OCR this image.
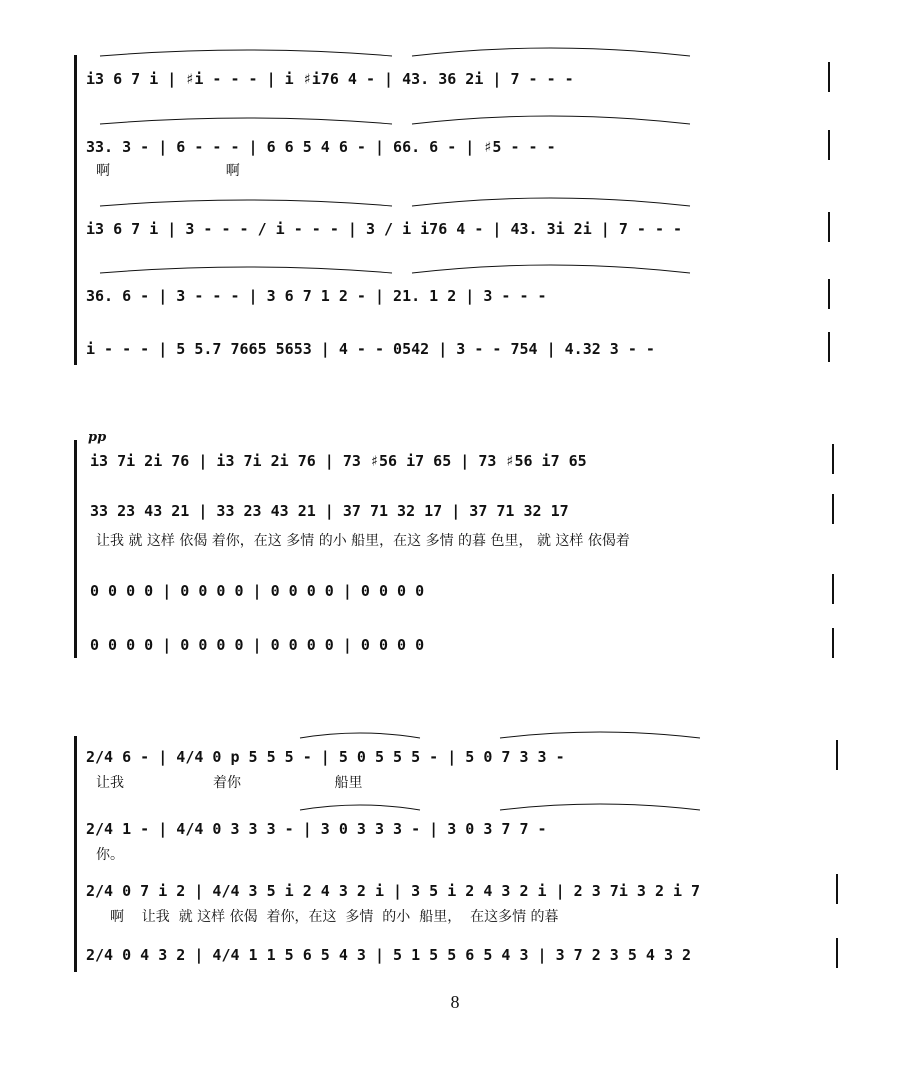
i3 6 7 i | ♯i - - - | i ♯i76 4 - | 43. 36 2i | 7 - - -
33. 3 - | 6 - - - | 6 6 5 4 6 - | 66. 6 - | ♯5 - - -
啊                          啊
i3 6 7 i | 3 - - - / i - - - | 3 / i i76 4 - | 43. 3i 2i | 7 - - -
36. 6 - | 3 - - - | 3 6 7 1 2 - | 21. 1 2 | 3 - - -
i - - - | 5 5.7 7665 5653 | 4 - - 0542 | 3 - - 754 | 4.32 3 - -
pp
i3 7i 2i 76 | i3 7i 2i 76 | 73 ♯56 i7 65 | 73 ♯56 i7 65
33 23 43 21 | 33 23 43 21 | 37 71 32 17 | 37 71 32 17
让我 就 这样 依偈 着你，在这 多情 的小 船里，在这 多情 的暮 色里， 就 这样 依偈着
0 0 0 0 | 0 0 0 0 | 0 0 0 0 | 0 0 0 0
0 0 0 0 | 0 0 0 0 | 0 0 0 0 | 0 0 0 0
2/4 6 - | 4/4 0 p 5 5 5 - | 5 0 5 5 5 - | 5 0 7 3 3 -
让我                    着你                     船里
2/4 1 - | 4/4 0 3 3 3 - | 3 0 3 3 3 - | 3 0 3 7 7 -
你。
2/4 0 7 i 2 | 4/4 3 5 i 2 4 3 2 i | 3 5 i 2 4 3 2 i | 2 3 7i 3 2 i 7
啊    让我  就 这样 依偈  着你，在这  多情  的小  船里，  在这多情 的暮
2/4 0 4 3 2 | 4/4 1 1 5 6 5 4 3 | 5 1 5 5 6 5 4 3 | 3 7 2 3 5 4 3 2
8
